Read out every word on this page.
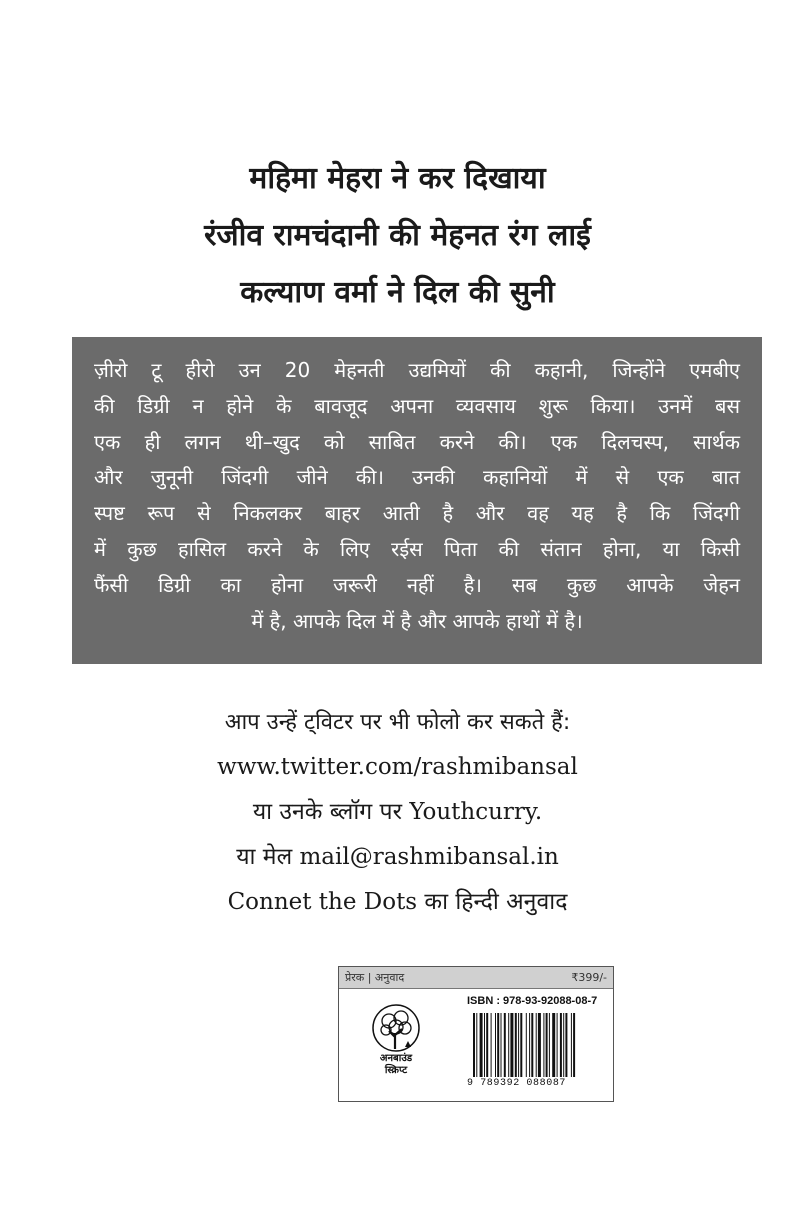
महिमा मेहरा ने कर दिखाया
रंजीव रामचंदानी की मेहनत रंग लाई
कल्याण वर्मा ने दिल की सुनी
ज़ीरो टू हीरो उन 20 मेहनती उद्यमियों की कहानी, जिन्होंने एमबीए
की डिग्री न होने के बावजूद अपना व्यवसाय शुरू किया। उनमें बस
एक ही लगन थी–खुद को साबित करने की। एक दिलचस्प, सार्थक
और जुनूनी जिंदगी जीने की। उनकी कहानियों में से एक बात
स्पष्ट रूप से निकलकर बाहर आती है और वह यह है कि जिंदगी
में कुछ हासिल करने के लिए रईस पिता की संतान होना, या किसी
फैंसी डिग्री का होना जरूरी नहीं है। सब कुछ आपके जेहन
में है, आपके दिल में है और आपके हाथों में है।
आप उन्हें ट्विटर पर भी फोलो कर सकते हैं:
www.twitter.com/rashmibansal
या उनके ब्लॉग पर Youthcurry.
या मेल mail@rashmibansal.in
Connet the Dots का हिन्दी अनुवाद
प्रेरक | अनुवाद	₹399/-
ISBN : 978-93-92088-08-7
अनबाउंड
स्क्रिप्ट
9 789392 088087
